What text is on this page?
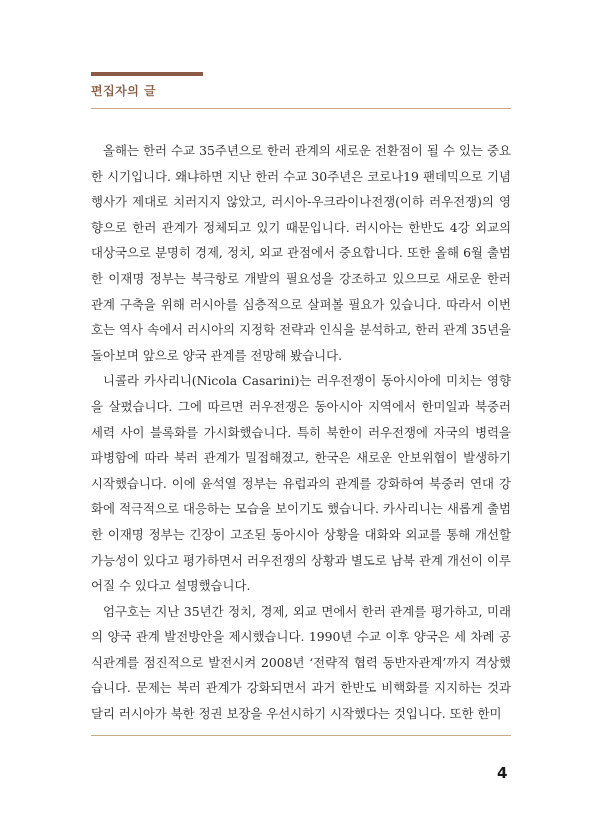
편집자의 글

올해는 한러 수교 35주년으로 한러 관계의 새로운 전환점이 될 수 있는 중요한 시기입니다. 왜냐하면 지난 한러 수교 30주년은 코로나19 팬데믹으로 기념행사가 제대로 치러지지 않았고, 러시아-우크라이나전쟁(이하 러우전쟁)의 영향으로 한러 관계가 정체되고 있기 때문입니다. 러시아는 한반도 4강 외교의 대상국으로 분명히 경제, 정치, 외교 관점에서 중요합니다. 또한 올해 6월 출범한 이재명 정부는 북극항로 개발의 필요성을 강조하고 있으므로 새로운 한러 관계 구축을 위해 러시아를 심층적으로 살펴볼 필요가 있습니다. 따라서 이번 호는 역사 속에서 러시아의 지정학 전략과 인식을 분석하고, 한러 관계 35년을 돌아보며 앞으로 양국 관계를 전망해 봤습니다.

니콜라 카사리니(Nicola Casarini)는 러우전쟁이 동아시아에 미치는 영향을 살폈습니다. 그에 따르면 러우전쟁은 동아시아 지역에서 한미일과 북중러 세력 사이 블록화를 가시화했습니다. 특히 북한이 러우전쟁에 자국의 병력을 파병함에 따라 북러 관계가 밀접해졌고, 한국은 새로운 안보위협이 발생하기 시작했습니다. 이에 윤석열 정부는 유럽과의 관계를 강화하여 북중러 연대 강화에 적극적으로 대응하는 모습을 보이기도 했습니다. 카사리니는 새롭게 출범한 이재명 정부는 긴장이 고조된 동아시아 상황을 대화와 외교를 통해 개선할 가능성이 있다고 평가하면서 러우전쟁의 상황과 별도로 남북 관계 개선이 이루어질 수 있다고 설명했습니다.

엄구호는 지난 35년간 정치, 경제, 외교 면에서 한러 관계를 평가하고, 미래의 양국 관계 발전방안을 제시했습니다. 1990년 수교 이후 양국은 세 차례 공식관계를 점진적으로 발전시켜 2008년 ‘전략적 협력 동반자관계’까지 격상했습니다. 문제는 북러 관계가 강화되면서 과거 한반도 비핵화를 지지하는 것과 달리 러시아가 북한 정권 보장을 우선시하기 시작했다는 것입니다. 또한 한미

4
